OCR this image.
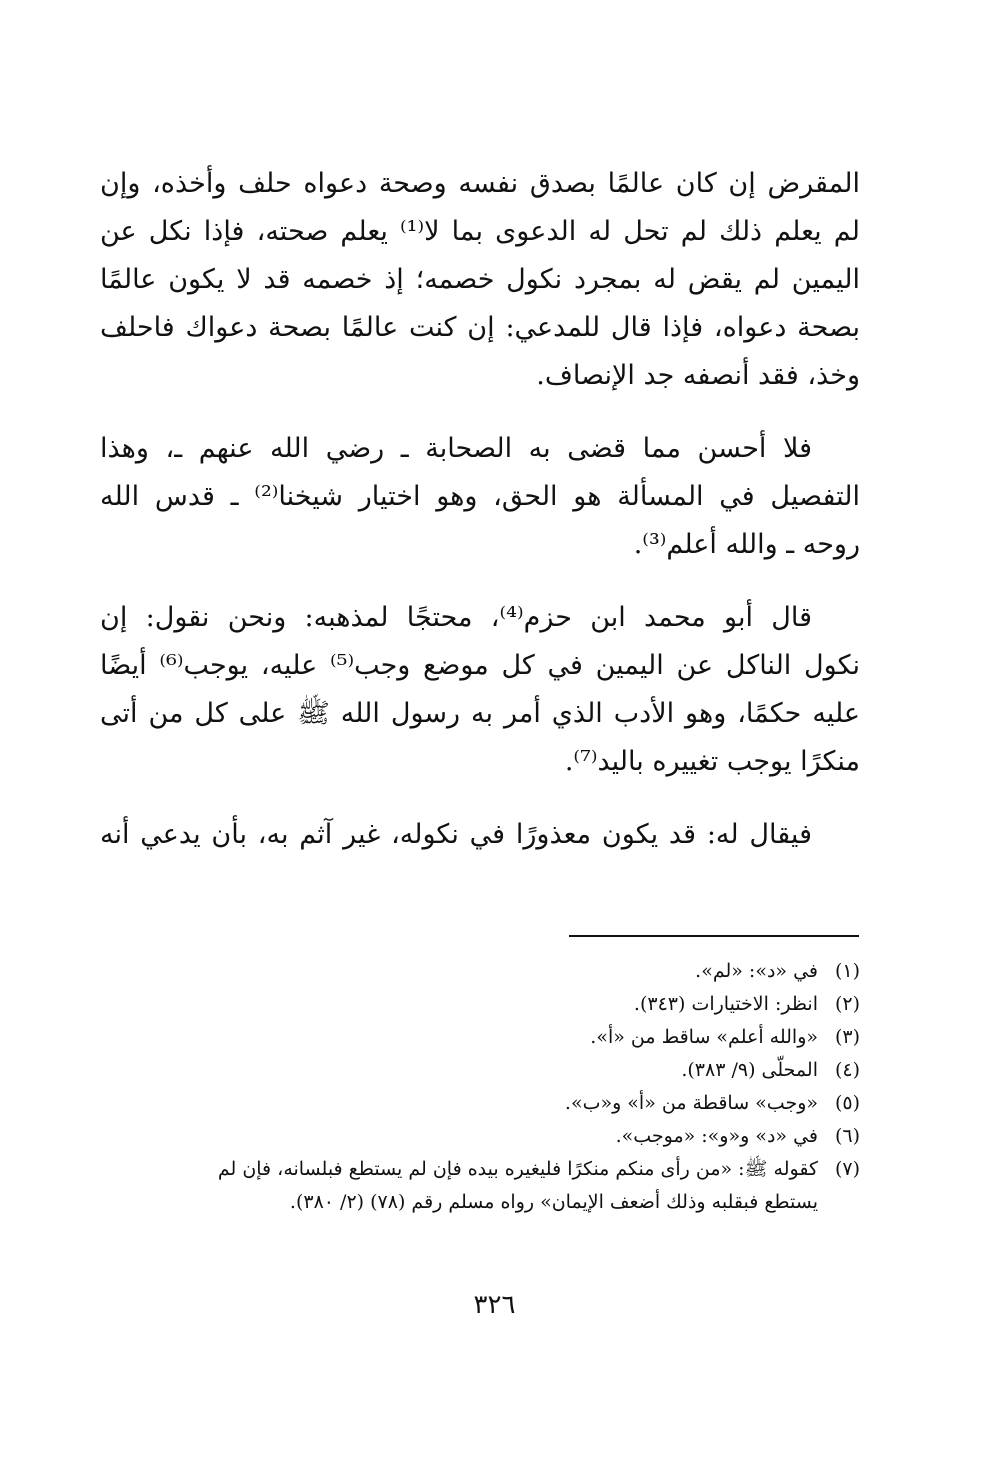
المقرض إن كان عالمًا بصدق نفسه وصحة دعواه حلف وأخذه، وإن
لم يعلم ذلك لم تحل له الدعوى بما لا⁽¹⁾ يعلم صحته، فإذا نكل عن
اليمين لم يقض له بمجرد نكول خصمه؛ إذ خصمه قد لا يكون عالمًا
بصحة دعواه، فإذا قال للمدعي: إن كنت عالمًا بصحة دعواك فاحلف
وخذ، فقد أنصفه جد الإنصاف.

فلا أحسن مما قضى به الصحابة ـ رضي الله عنهم ـ، وهذا
التفصيل في المسألة هو الحق، وهو اختيار شيخنا⁽²⁾ ـ قدس الله
روحه ـ والله أعلم⁽³⁾.

قال أبو محمد ابن حزم⁽⁴⁾، محتجًا لمذهبه: ونحن نقول: إن
نكول الناكل عن اليمين في كل موضع وجب⁽⁵⁾ عليه، يوجب⁽⁶⁾ أيضًا
عليه حكمًا، وهو الأدب الذي أمر به رسول الله ﷺ على كل من أتى
منكرًا يوجب تغييره باليد⁽⁷⁾.

فيقال له: قد يكون معذورًا في نكوله، غير آثم به، بأن يدعي أنه

(١)
في «د»: «لم».
(٢)
انظر: الاختيارات (٣٤٣).
(٣)
«والله أعلم» ساقط من «أ».
(٤)
المحلّى (٩/ ٣٨٣).
(٥)
«وجب» ساقطة من «أ» و«ب».
(٦)
في «د» و«و»: «موجب».
(٧)
كقوله ﷺ: «من رأى منكم منكرًا فليغيره بيده فإن لم يستطع فبلسانه، فإن لم
يستطع فبقلبه وذلك أضعف الإيمان» رواه مسلم رقم (٧٨) (٢/ ٣٨٠).
٣٢٦
